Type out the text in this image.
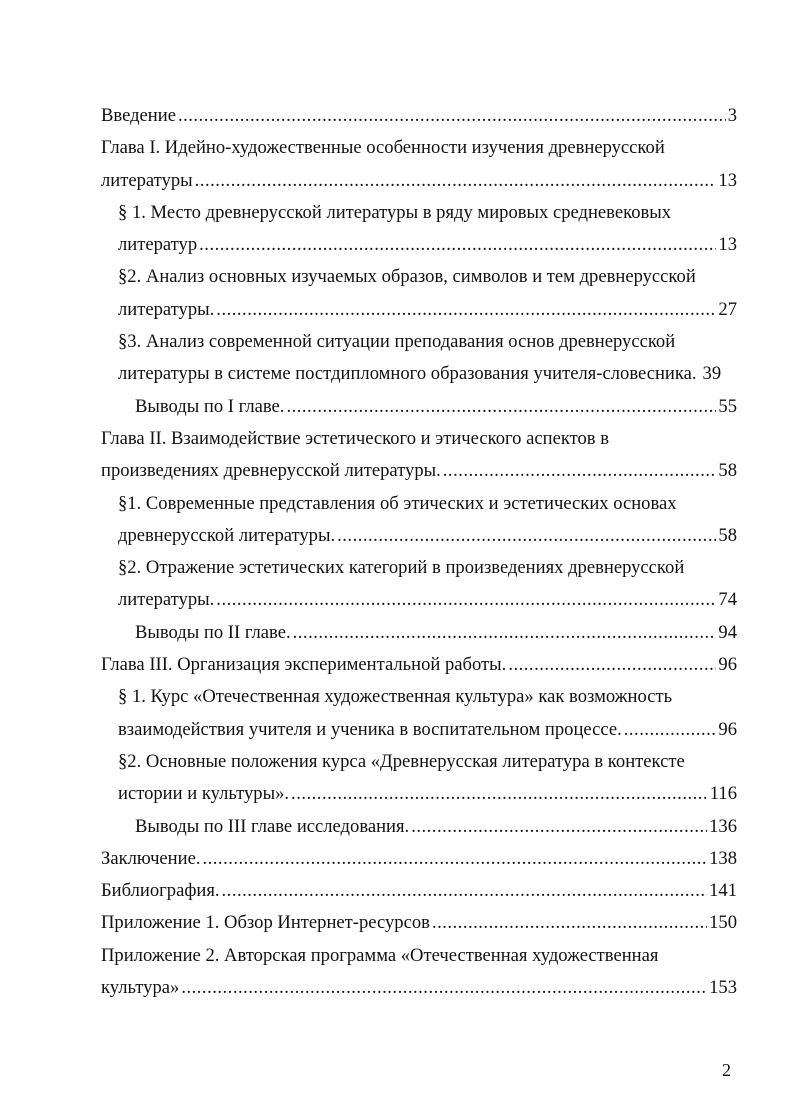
Введение .....	3
Глава I. Идейно-художественные особенности изучения древнерусской
литературы .....	13
§ 1. Место древнерусской литературы в ряду мировых средневековых
литератур .....	13
§2. Анализ основных изучаемых образов, символов и тем древнерусской
литературы. .....	27
§3. Анализ современной ситуации преподавания основ древнерусской
литературы в системе постдипломного образования учителя-словесника. 39
Выводы по I главе. .....	55
Глава II. Взаимодействие эстетического и этического аспектов в
произведениях древнерусской литературы. .....	58
§1. Современные представления об этических и эстетических основах
древнерусской литературы. .....	58
§2. Отражение эстетических категорий в произведениях древнерусской
литературы. .....	74
Выводы по II главе. .....	94
Глава III. Организация экспериментальной работы. .....	96
§ 1. Курс «Отечественная художественная культура» как возможность
взаимодействия учителя и ученика в воспитательном процессе. .....	96
§2. Основные положения курса «Древнерусская литература в контексте
истории и культуры». .....	116
Выводы по III главе исследования. .....	136
Заключение. .....	138
Библиография. .....	141
Приложение 1. Обзор Интернет-ресурсов .....	150
Приложение 2. Авторская программа «Отечественная художественная
культура» .....	153
2
